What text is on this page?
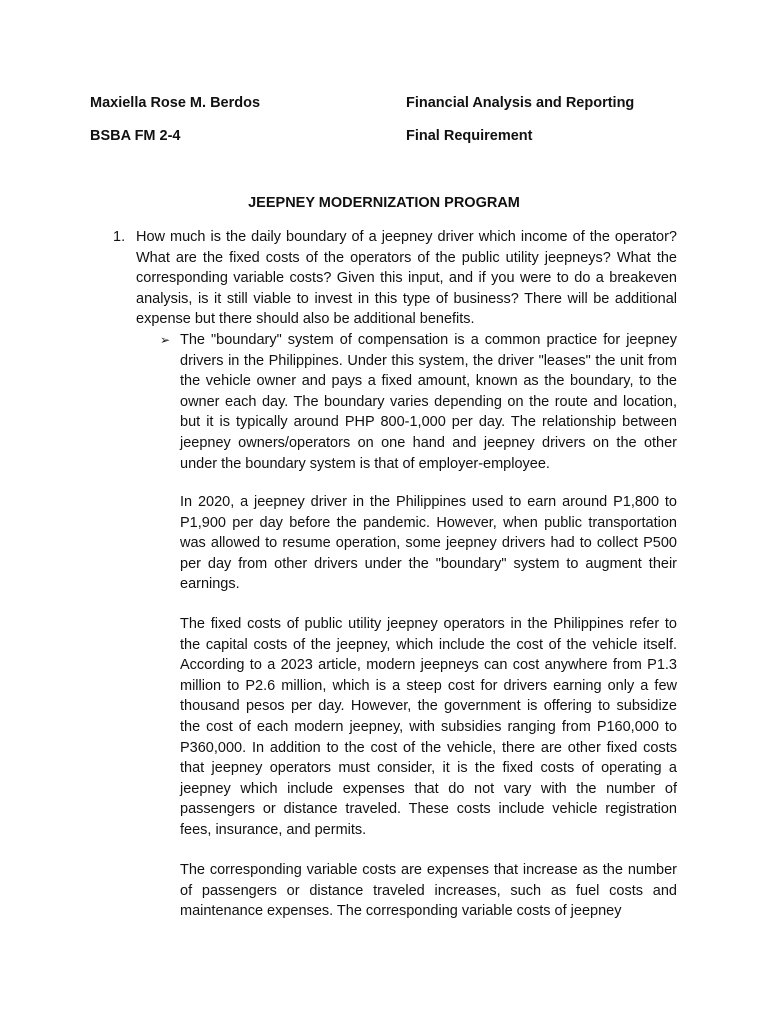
Maxiella Rose M. Berdos	Financial Analysis and Reporting
BSBA FM 2-4	Final Requirement
JEEPNEY MODERNIZATION PROGRAM
1. How much is the daily boundary of a jeepney driver which income of the operator? What are the fixed costs of the operators of the public utility jeepneys? What the corresponding variable costs? Given this input, and if you were to do a breakeven analysis, is it still viable to invest in this type of business? There will be additional expense but there should also be additional benefits.
➢ The "boundary" system of compensation is a common practice for jeepney drivers in the Philippines. Under this system, the driver "leases" the unit from the vehicle owner and pays a fixed amount, known as the boundary, to the owner each day. The boundary varies depending on the route and location, but it is typically around PHP 800-1,000 per day. The relationship between jeepney owners/operators on one hand and jeepney drivers on the other under the boundary system is that of employer-employee.
In 2020, a jeepney driver in the Philippines used to earn around P1,800 to P1,900 per day before the pandemic. However, when public transportation was allowed to resume operation, some jeepney drivers had to collect P500 per day from other drivers under the "boundary" system to augment their earnings.
The fixed costs of public utility jeepney operators in the Philippines refer to the capital costs of the jeepney, which include the cost of the vehicle itself. According to a 2023 article, modern jeepneys can cost anywhere from P1.3 million to P2.6 million, which is a steep cost for drivers earning only a few thousand pesos per day. However, the government is offering to subsidize the cost of each modern jeepney, with subsidies ranging from P160,000 to P360,000. In addition to the cost of the vehicle, there are other fixed costs that jeepney operators must consider, it is the fixed costs of operating a jeepney which include expenses that do not vary with the number of passengers or distance traveled. These costs include vehicle registration fees, insurance, and permits.
The corresponding variable costs are expenses that increase as the number of passengers or distance traveled increases, such as fuel costs and maintenance expenses. The corresponding variable costs of jeepney
